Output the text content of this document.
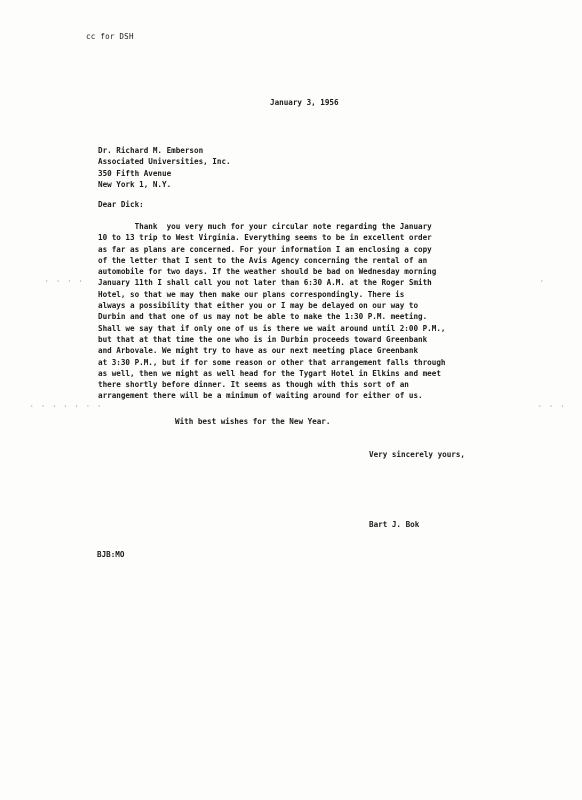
cc for DSH
January 3, 1956
Dr. Richard M. Emberson
Associated Universities, Inc.
350 Fifth Avenue
New York 1, N.Y.
Dear Dick:
Thank  you very much for your circular note regarding the January
10 to 13 trip to West Virginia. Everything seems to be in excellent order
as far as plans are concerned. For your information I am enclosing a copy
of the letter that I sent to the Avis Agency concerning the rental of an
automobile for two days. If the weather should be bad on Wednesday morning
January 11th I shall call you not later than 6:30 A.M. at the Roger Smith
Hotel, so that we may then make our plans correspondingly. There is
always a possibility that either you or I may be delayed on our way to
Durbin and that one of us may not be able to make the 1:30 P.M. meeting.
Shall we say that if only one of us is there we wait around until 2:00 P.M.,
but that at that time the one who is in Durbin proceeds toward Greenbank
and Arbovale. We might try to have as our next meeting place Greenbank
at 3:30 P.M., but if for some reason or other that arrangement falls through
as well, then we might as well head for the Tygart Hotel in Elkins and meet
there shortly before dinner. It seems as though with this sort of an
arrangement there will be a minimum of waiting around for either of us.
With best wishes for the New Year.
Very sincerely yours,
Bart J. Bok
BJB:MO
· · · ·
· · · · · · ·	· · ·
·
